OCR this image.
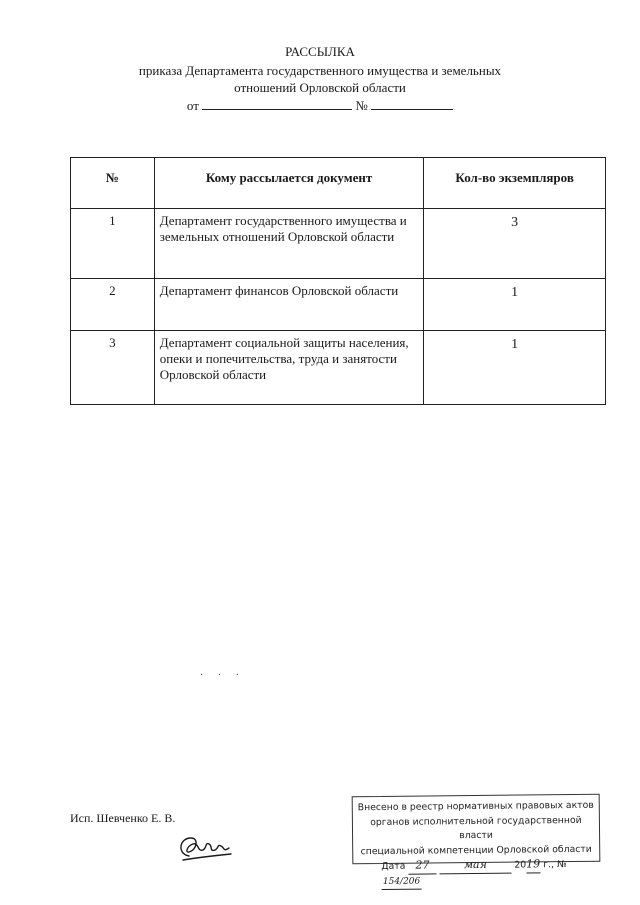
РАССЫЛКА
приказа Департамента государственного имущества и земельных
отношений Орловской области
от	№
№	Кому рассылается документ	Кол-во экземпляров
1	Департамент государственного имущества и земельных отношений Орловской области	3
2	Департамент финансов Орловской области	1
3	Департамент социальной защиты населения, опеки и попечительства, труда и занятости Орловской области	1
· · ·
Исп. Шевченко Е. В.
Внесено в реестр нормативных правовых актов
органов исполнительной государственной власти
специальной компетенции Орловской области
Дата 27	мая	2019 г., № 154/206
